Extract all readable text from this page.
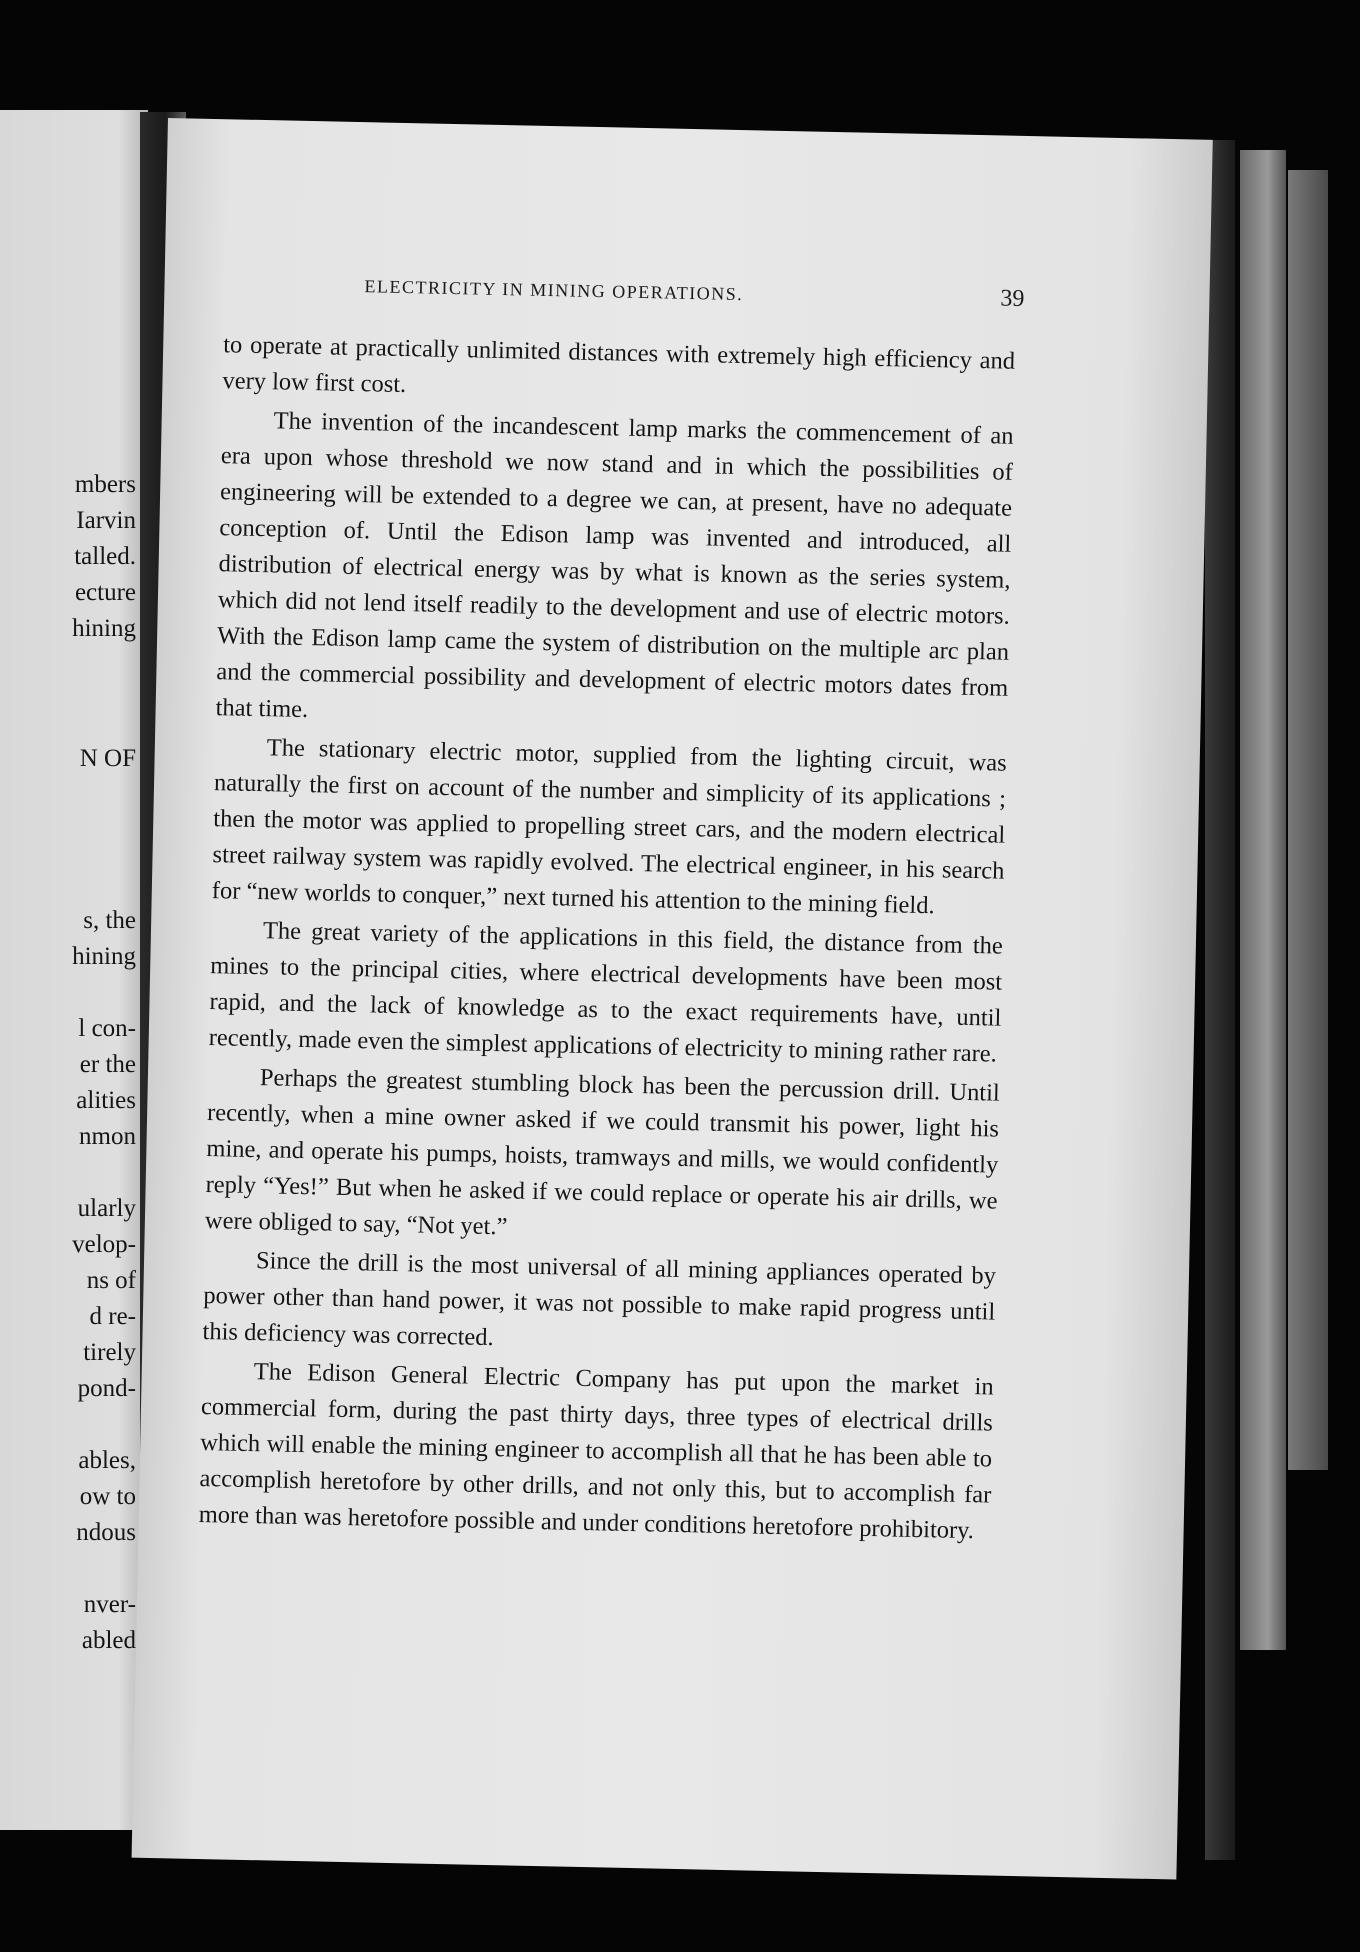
mbers
Iarvin
talled.
ecture
hining
N OF
s, the
hining
l con-
er the
alities
nmon
ularly
velop-
ns of
d re-
tirely
pond-
ables,
ow to
ndous
nver-
abled
ELECTRICITY IN MINING OPERATIONS.	39

to operate at practically unlimited distances with extremely high efficiency and very low first cost.

The invention of the incandescent lamp marks the commencement of an era upon whose threshold we now stand and in which the possibilities of engineering will be extended to a degree we can, at present, have no adequate conception of. Until the Edison lamp was invented and introduced, all distribution of electrical energy was by what is known as the series system, which did not lend itself readily to the development and use of electric motors. With the Edison lamp came the system of distribution on the multiple arc plan and the commercial possibility and development of electric motors dates from that time.

The stationary electric motor, supplied from the lighting circuit, was naturally the first on account of the number and simplicity of its applications ; then the motor was applied to propelling street cars, and the modern electrical street railway system was rapidly evolved. The electrical engineer, in his search for “new worlds to conquer,” next turned his attention to the mining field.

The great variety of the applications in this field, the distance from the mines to the principal cities, where electrical developments have been most rapid, and the lack of knowledge as to the exact requirements have, until recently, made even the simplest applications of electricity to mining rather rare.

Perhaps the greatest stumbling block has been the percussion drill. Until recently, when a mine owner asked if we could transmit his power, light his mine, and operate his pumps, hoists, tramways and mills, we would confidently reply “Yes!” But when he asked if we could replace or operate his air drills, we were obliged to say, “Not yet.”

Since the drill is the most universal of all mining appliances operated by power other than hand power, it was not possible to make rapid progress until this deficiency was corrected.

The Edison General Electric Company has put upon the market in commercial form, during the past thirty days, three types of electrical drills which will enable the mining engineer to accomplish all that he has been able to accomplish heretofore by other drills, and not only this, but to accomplish far more than was heretofore possible and under conditions heretofore prohibitory.
